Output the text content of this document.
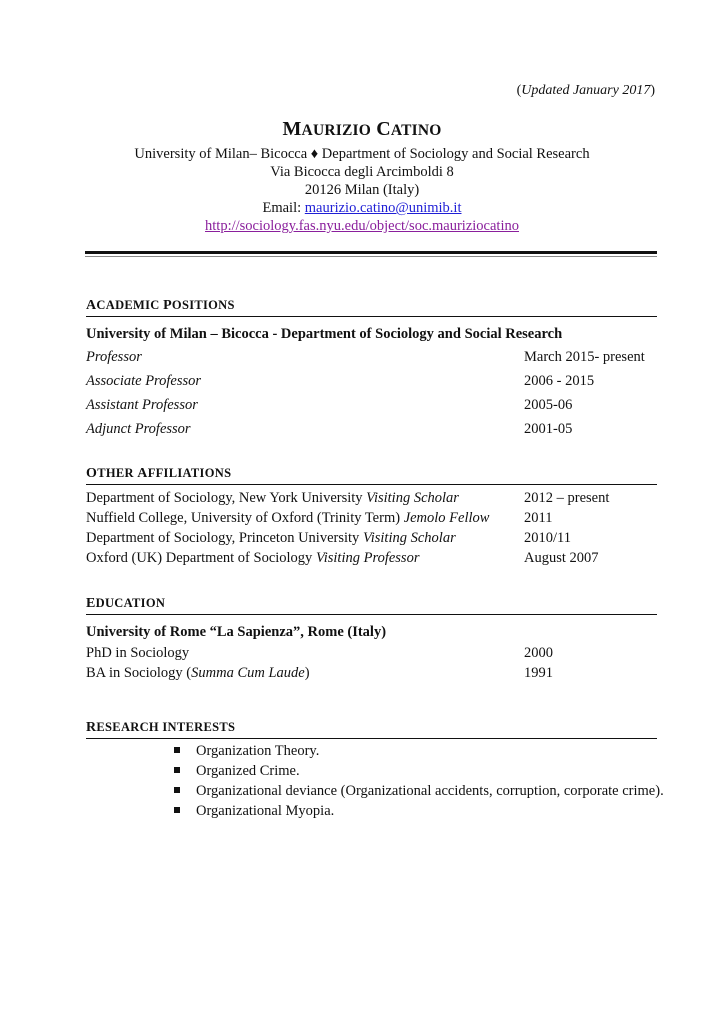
(Updated January 2017)
MAURIZIO CATINO
University of Milan– Bicocca ♦ Department of Sociology and Social Research
Via Bicocca degli Arcimboldi 8
20126 Milan (Italy)
Email: maurizio.catino@unimib.it
http://sociology.fas.nyu.edu/object/soc.mauriziocatino
ACADEMIC POSITIONS
University of Milan – Bicocca - Department of Sociology and Social Research
Professor	March 2015- present
Associate Professor	2006 - 2015
Assistant Professor	2005-06
Adjunct Professor	2001-05
OTHER AFFILIATIONS
Department of Sociology, New York University Visiting Scholar	2012 – present
Nuffield College, University of Oxford (Trinity Term) Jemolo Fellow 2011
Department of Sociology, Princeton University Visiting Scholar	2010/11
Oxford (UK) Department of Sociology Visiting Professor	August 2007
EDUCATION
University of Rome “La Sapienza”, Rome (Italy)
PhD in Sociology	2000
BA in Sociology (Summa Cum Laude)	1991
RESEARCH INTERESTS
Organization Theory.
Organized Crime.
Organizational deviance (Organizational accidents, corruption, corporate crime).
Organizational Myopia.
